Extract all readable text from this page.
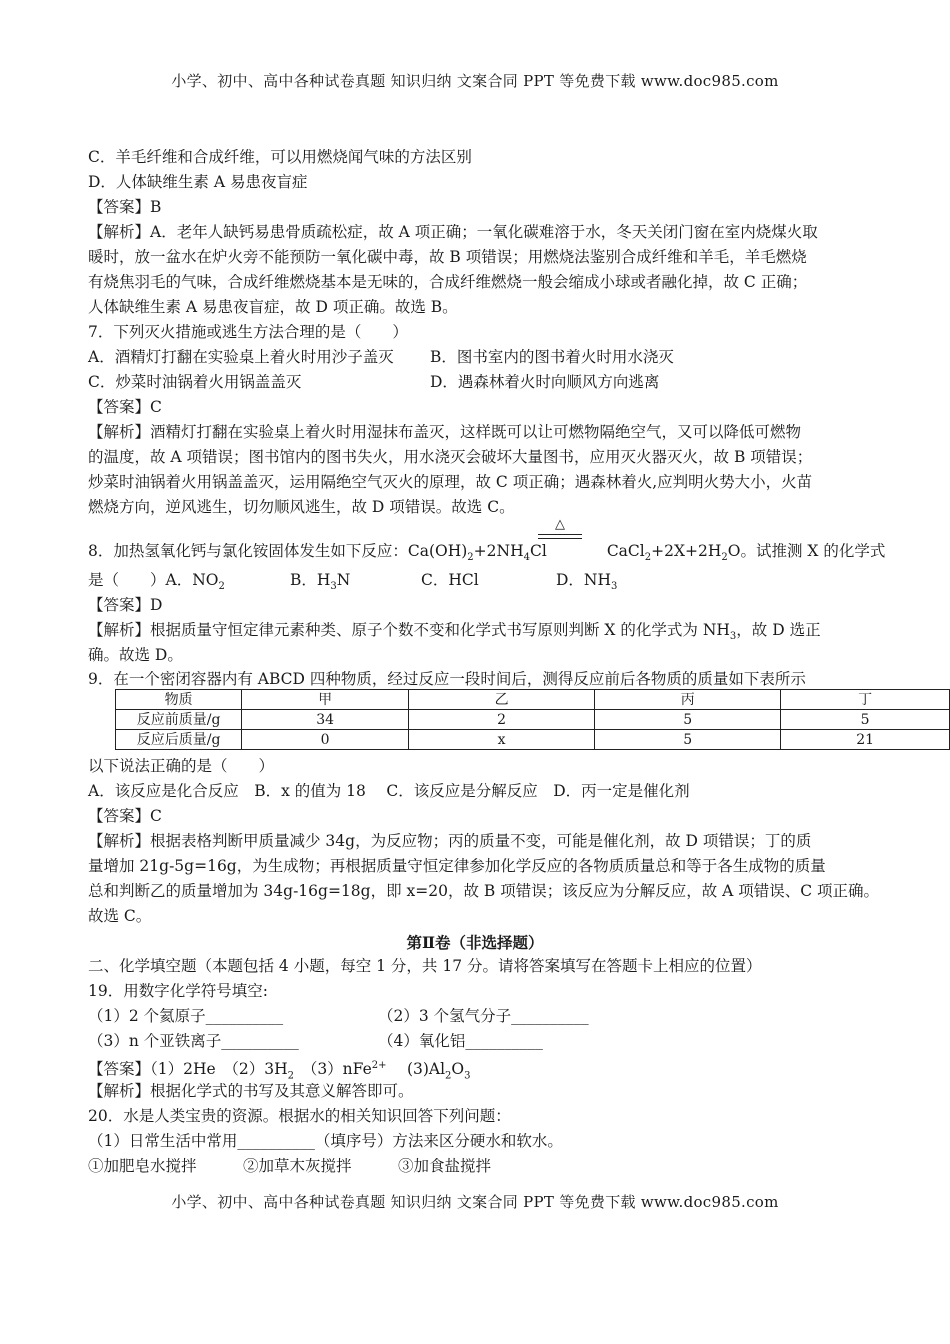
小学、初中、高中各种试卷真题 知识归纳 文案合同 PPT 等免费下载 www.doc985.com
C．羊毛纤维和合成纤维，可以用燃烧闻气味的方法区别
D．人体缺维生素 A 易患夜盲症
【答案】B
【解析】A．老年人缺钙易患骨质疏松症，故 A 项正确；一氧化碳难溶于水，冬天关闭门窗在室内烧煤火取
暖时，放一盆水在炉火旁不能预防一氧化碳中毒，故 B 项错误；用燃烧法鉴别合成纤维和羊毛，羊毛燃烧
有烧焦羽毛的气味，合成纤维燃烧基本是无味的，合成纤维燃烧一般会缩成小球或者融化掉，故 C 正确；
人体缺维生素 A 易患夜盲症，故 D 项正确。故选 B。
7．下列灭火措施或逃生方法合理的是（　　）
A．酒精灯打翻在实验桌上着火时用沙子盖灭 B．图书室内的图书着火时用水浇灭
C．炒菜时油锅着火用锅盖盖灭	D．遇森林着火时向顺风方向逃离
【答案】C
【解析】酒精灯打翻在实验桌上着火时用湿抹布盖灭，这样既可以让可燃物隔绝空气，又可以降低可燃物
的温度，故 A 项错误；图书馆内的图书失火，用水浇灭会破坏大量图书，应用灭火器灭火，故 B 项错误；
炒菜时油锅着火用锅盖盖灭，运用隔绝空气灭火的原理，故 C 项正确；遇森林着火,应判明火势大小，火苗
燃烧方向，逆风逃生，切勿顺风逃生，故 D 项错误。故选 C。
△
8．加热氢氧化钙与氯化铵固体发生如下反应：$Ca(OH)_2+2NH_4Cl$	$CaCl_2+2X+2H_2O$。试推测 X 的化学式
是（　　）A．$NO_2$	B．$H_3N$	C．HCl	D．$NH_3$
【答案】D
【解析】根据质量守恒定律元素种类、原子个数不变和化学式书写原则判断 X 的化学式为 $NH_3$，故 D 选正
确。故选 D。
9．在一个密闭容器内有 ABCD 四种物质，经过反应一段时间后，测得反应前后各物质的质量如下表所示
物质	甲	乙	丙	丁
反应前质量/g	34	2	5	5
反应后质量/g	0	x	5	21
以下说法正确的是（　　）
A．该反应是化合反应　B．x 的值为 18　 C．该反应是分解反应　D．丙一定是催化剂
【答案】C
【解析】根据表格判断甲质量减少 34g，为反应物；丙的质量不变，可能是催化剂，故 D 项错误；丁的质
量增加 21g-5g=16g，为生成物；再根据质量守恒定律参加化学反应的各物质质量总和等于各生成物的质量
总和判断乙的质量增加为 34g-16g=18g，即 x=20，故 B 项错误；该反应为分解反应，故 A 项错误、C 项正确。
故选 C。
第Ⅱ卷（非选择题）
二、化学填空题（本题包括 4 小题，每空 1 分，共 17 分。请将答案填写在答题卡上相应的位置）
19．用数字化学符号填空:
（1）2 个氦原子__________	（2）3 个氢气分子__________
（3）n 个亚铁离子__________	（4）氧化铝__________
【答案】（1）2He　$(2)3H_2$　 （3）nFe$^{2+}$　 $(3)Al_2O_3$
【解析】根据化学式的书写及其意义解答即可。
20．水是人类宝贵的资源。根据水的相关知识回答下列问题：
（1）日常生活中常用__________（填序号）方法来区分硬水和软水。
①加肥皂水搅拌　　　②加草木灰搅拌　　　③加食盐搅拌
小学、初中、高中各种试卷真题 知识归纳 文案合同 PPT 等免费下载 www.doc985.com
